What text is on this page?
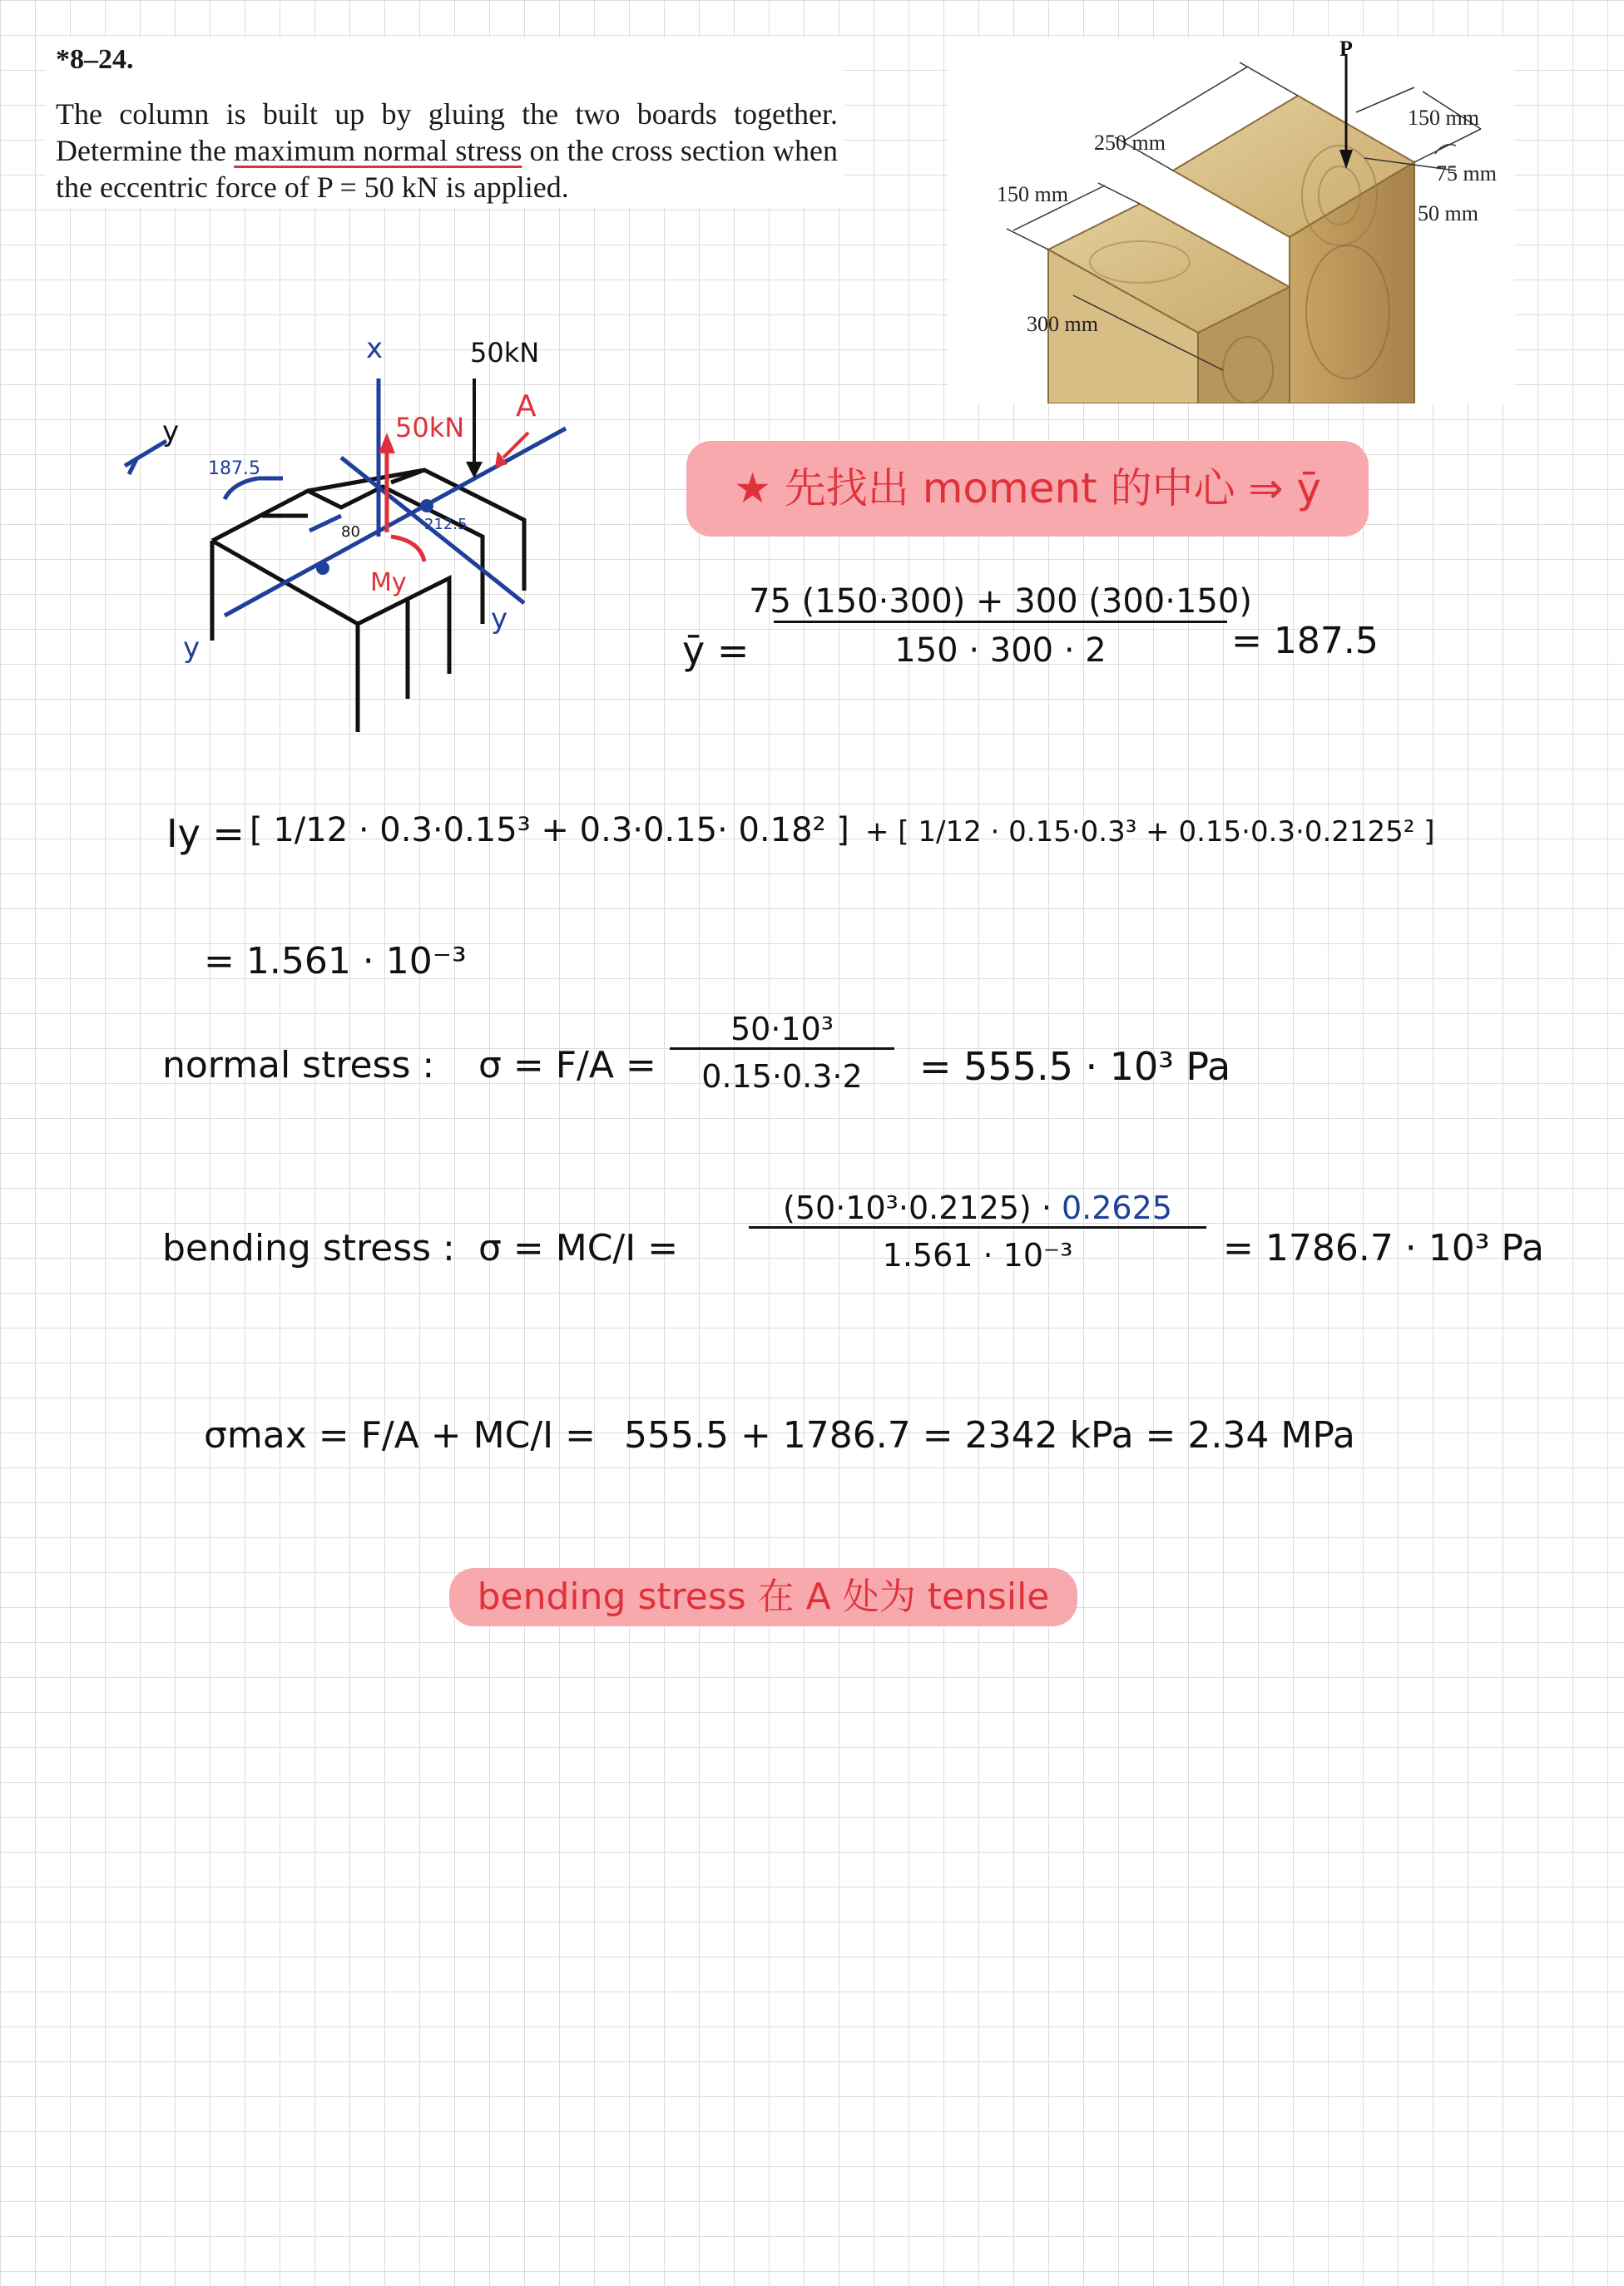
*8–24.
The column is built up by gluing the two boards together. Determine the maximum normal stress on the cross section when the eccentric force of P = 50 kN is applied.
P
250 mm
150 mm
300 mm
150 mm
75 mm
50 mm
x	50kN
50kN
A
My
y
y
y
187.5
80	212.5
★ 先找出 moment 的中心 ⇒ ȳ
ȳ =
75 (150·300) + 300 (300·150)
150 · 300 · 2	= 187.5
Iy = [ 1/12 · 0.3·0.15³ + 0.3·0.15· 0.18² ] + [ 1/12 · 0.15·0.3³ + 0.15·0.3·0.2125² ]
= 1.561 · 10⁻³
normal stress : σ = F/A =
50·10³
0.15·0.3·2 = 555.5 · 10³ Pa
bending stress : σ = MC/I =
(50·10³·0.2125) · 0.2625
1.561 · 10⁻³	= 1786.7 · 10³ Pa
σmax = F/A + MC/I = 555.5 + 1786.7 = 2342 kPa = 2.34 MPa
bending stress 在 A 处为 tensile
